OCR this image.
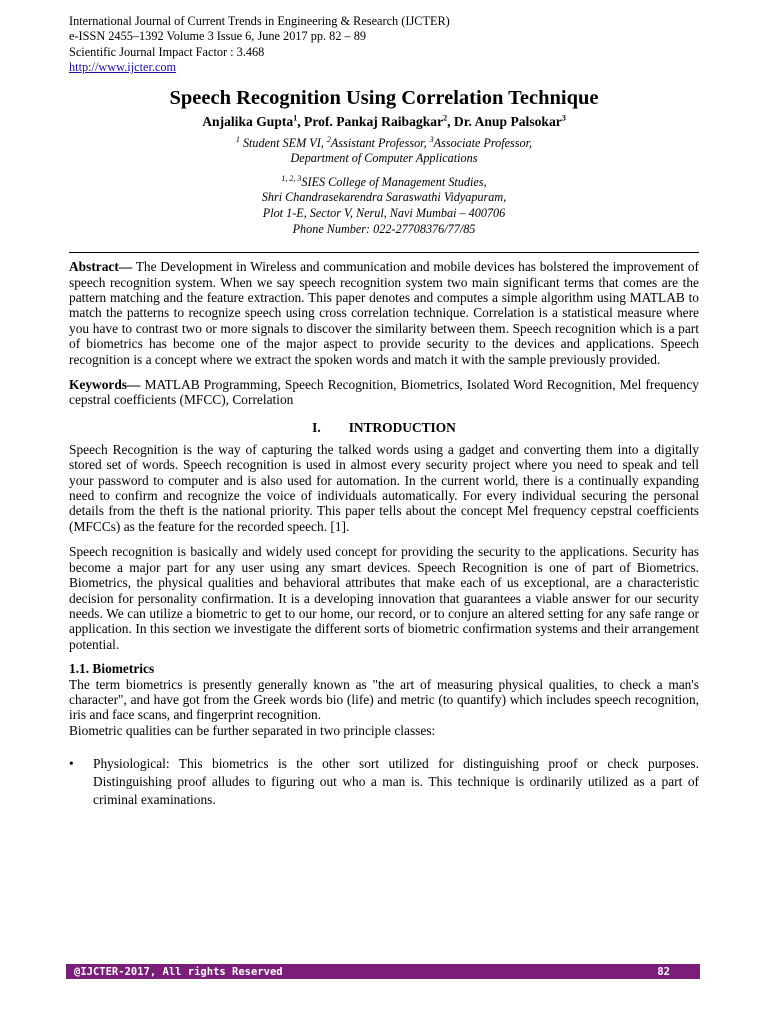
International Journal of Current Trends in Engineering & Research (IJCTER)
e-ISSN 2455–1392 Volume 3 Issue 6, June 2017 pp. 82 – 89
Scientific Journal Impact Factor : 3.468
http://www.ijcter.com
Speech Recognition Using Correlation Technique
Anjalika Gupta$^1$, Prof. Pankaj Raibagkar$^2$, Dr. Anup Palsokar$^3$
$^1$ Student SEM VI, $^2$Assistant Professor, $^3$Associate Professor,
Department of Computer Applications
$^{1, 2, 3}$SIES College of Management Studies,
Shri Chandrasekarendra Saraswathi Vidyapuram,
Plot 1-E, Sector V, Nerul, Navi Mumbai – 400706
Phone Number: 022-27708376/77/85

Abstract— The Development in Wireless and communication and mobile devices has bolstered the improvement of speech recognition system. When we say speech recognition system two main significant terms that comes are the pattern matching and the feature extraction. This paper denotes and computes a simple algorithm using MATLAB to match the patterns to recognize speech using cross correlation technique. Correlation is a statistical measure where you have to contrast two or more signals to discover the similarity between them. Speech recognition which is a part of biometrics has become one of the major aspect to provide security to the devices and applications. Speech recognition is a concept where we extract the spoken words and match it with the sample previously provided.

Keywords— MATLAB Programming, Speech Recognition, Biometrics, Isolated Word Recognition, Mel frequency cepstral coefficients (MFCC), Correlation

I. INTRODUCTION

Speech Recognition is the way of capturing the talked words using a gadget and converting them into a digitally stored set of words. Speech recognition is used in almost every security project where you need to speak and tell your password to computer and is also used for automation. In the current world, there is a continually expanding need to confirm and recognize the voice of individuals automatically. For every individual securing the personal details from the theft is the national priority. This paper tells about the concept Mel frequency cepstral coefficients (MFCCs) as the feature for the recorded speech. [1].

Speech recognition is basically and widely used concept for providing the security to the applications. Security has become a major part for any user using any smart devices. Speech Recognition is one of part of Biometrics. Biometrics, the physical qualities and behavioral attributes that make each of us exceptional, are a characteristic decision for personality confirmation. It is a developing innovation that guarantees a viable answer for our security needs. We can utilize a biometric to get to our home, our record, or to conjure an altered setting for any safe range or application. In this section we investigate the different sorts of biometric confirmation systems and their arrangement potential.

1.1. Biometrics

The term biometrics is presently generally known as "the art of measuring physical qualities, to check a man's character", and have got from the Greek words bio (life) and metric (to quantify) which includes speech recognition, iris and face scans, and fingerprint recognition.

Biometric qualities can be further separated in two principle classes:

•	Physiological: This biometrics is the other sort utilized for distinguishing proof or check purposes. Distinguishing proof alludes to figuring out who a man is. This technique is ordinarily utilized as a part of criminal examinations.

@IJCTER-2017, All rights Reserved	82
